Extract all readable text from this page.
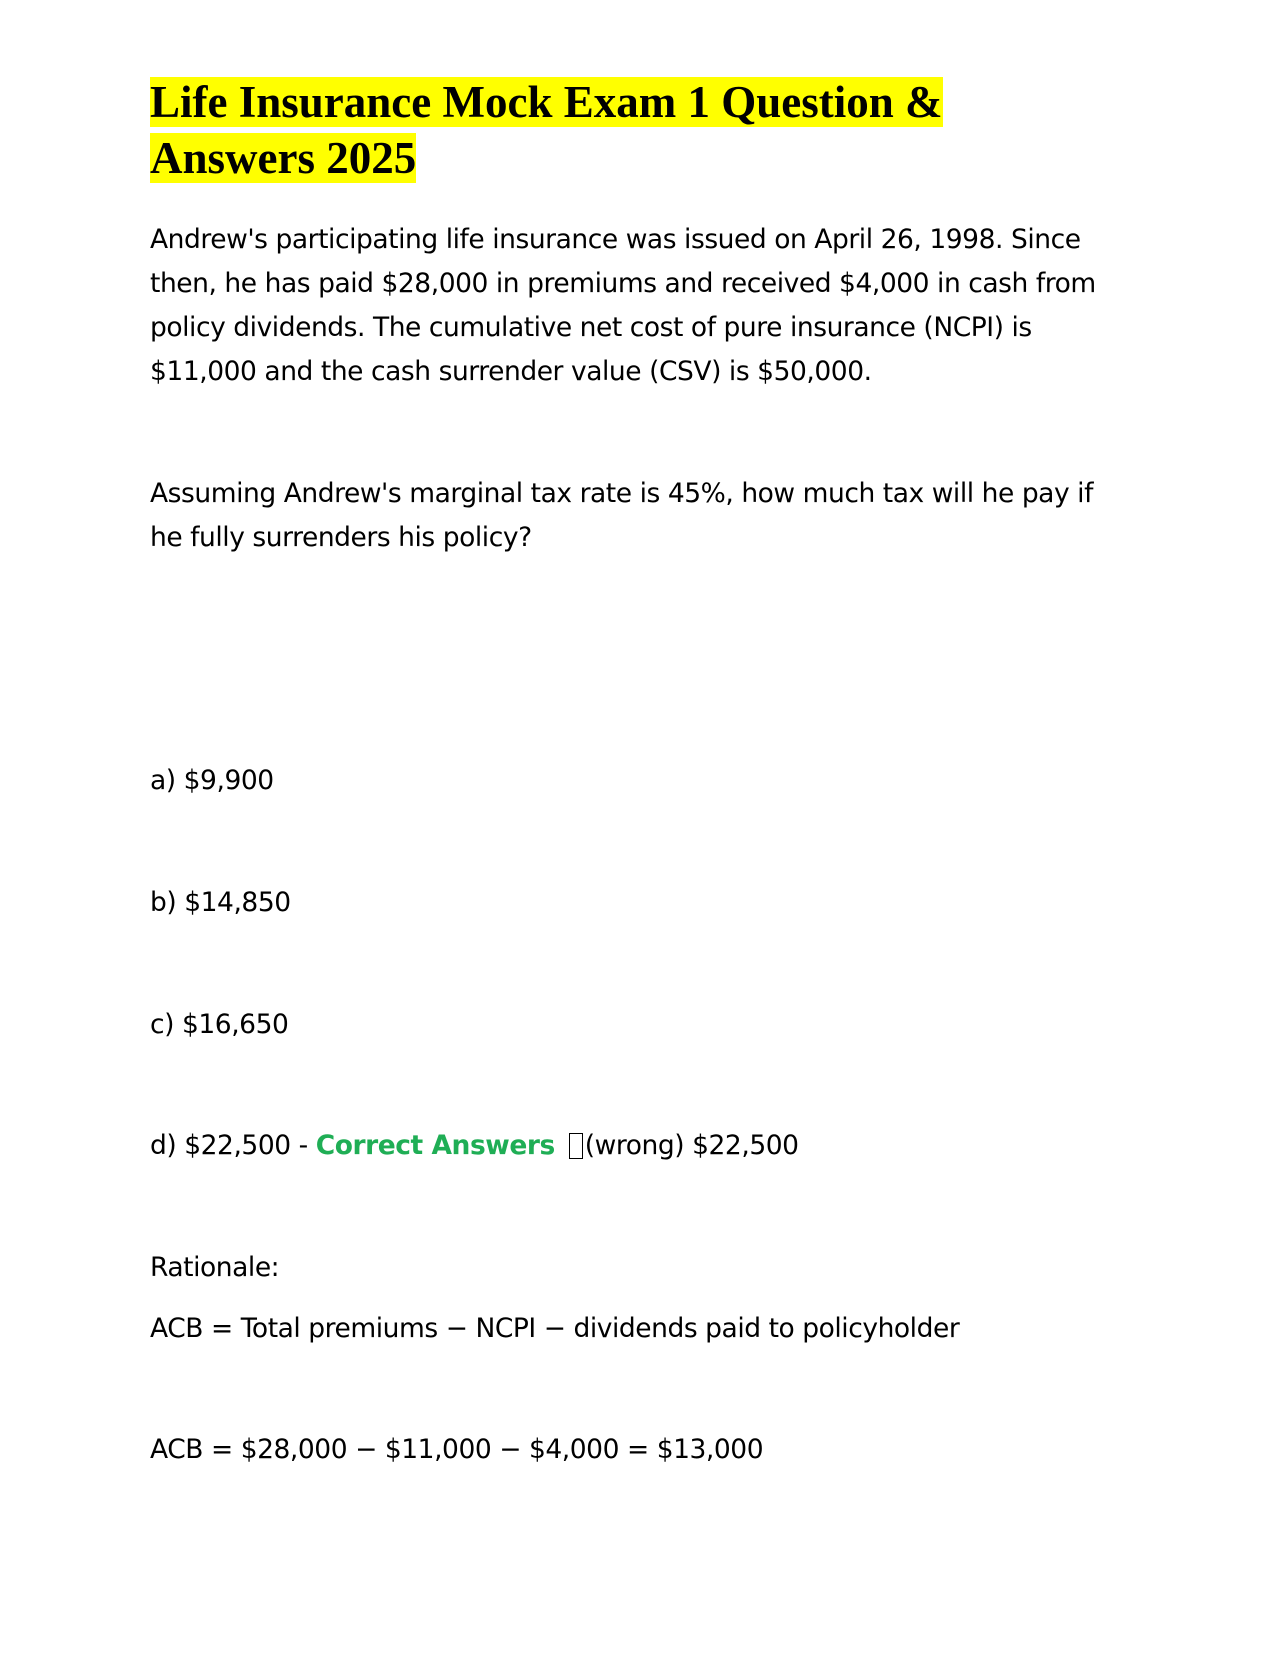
Life Insurance Mock Exam 1 Question &
Answers 2025

Andrew's participating life insurance was issued on April 26, 1998. Since then, he has paid $28,000 in premiums and received $4,000 in cash from policy dividends. The cumulative net cost of pure insurance (NCPI) is $11,000 and the cash surrender value (CSV) is $50,000.

Assuming Andrew's marginal tax rate is 45%, how much tax will he pay if he fully surrenders his policy?

a) $9,900

b) $14,850

c) $16,650

d) $22,500 - Correct Answers (wrong) $22,500

Rationale:

ACB = Total premiums − NCPI − dividends paid to policyholder

ACB = $28,000 − $11,000 − $4,000 = $13,000
